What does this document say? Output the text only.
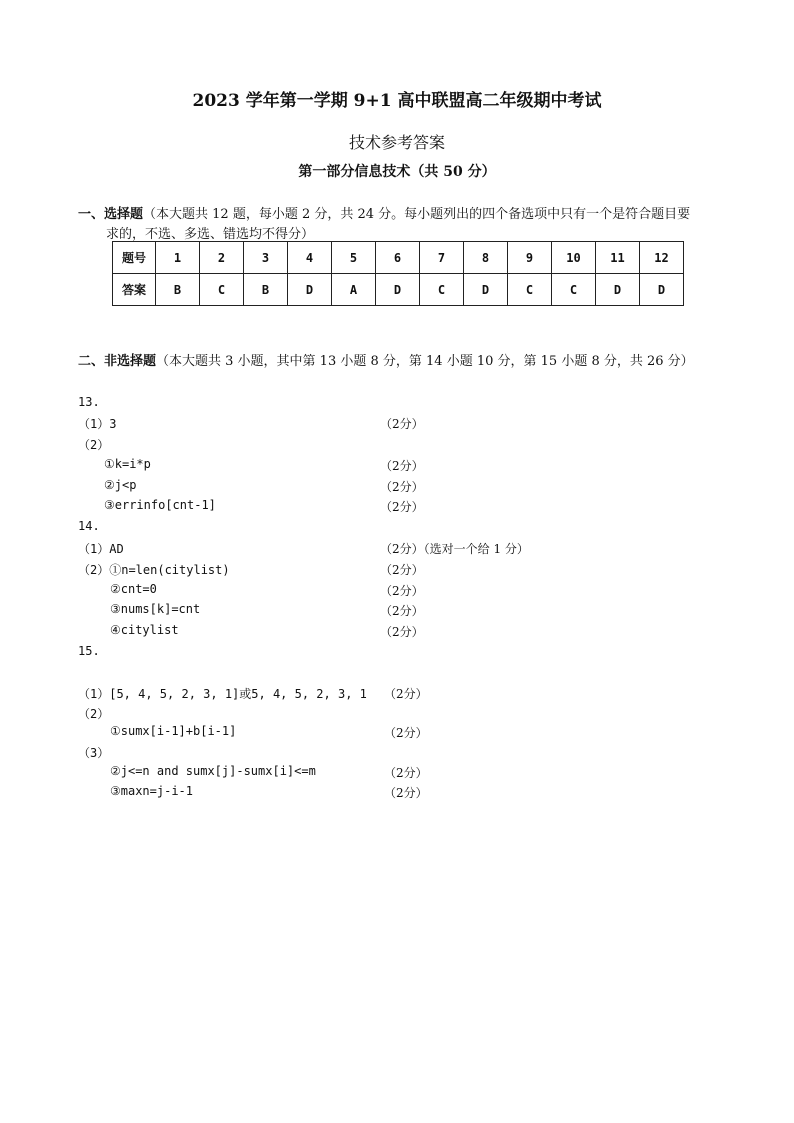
2023 学年第一学期 9+1 高中联盟高二年级期中考试
技术参考答案
第一部分信息技术（共 50 分）
一、选择题（本大题共 12 题，每小题 2 分，共 24 分。每小题列出的四个备选项中只有一个是符合题目要
求的，不选、多选、错选均不得分）
题号	1	2	3	4	5	6	7	8	9	10	11	12
答案	B	C	B	D	A	D	C	D	C	C	D	D
二、非选择题（本大题共 3 小题，其中第 13 小题 8 分，第 14 小题 10 分，第 15 小题 8 分，共 26 分）
13.
（1）3	（2分）
（2）
①k=i*p	（2分）
②j<p	（2分）
③errinfo[cnt-1]	（2分）
14.
（1）AD	（2分）（选对一个给 1 分）
（2）①n=len(citylist)	（2分）
②cnt=0	（2分）
③nums[k]=cnt	（2分）
④citylist	（2分）
15.
（1）[5, 4, 5, 2, 3, 1]或5, 4, 5, 2, 3, 1 （2分）
（2）
①sumx[i-1]+b[i-1]	（2分）
（3）
②j<=n and sumx[j]-sumx[i]<=m	（2分）
③maxn=j-i-1	（2分）
